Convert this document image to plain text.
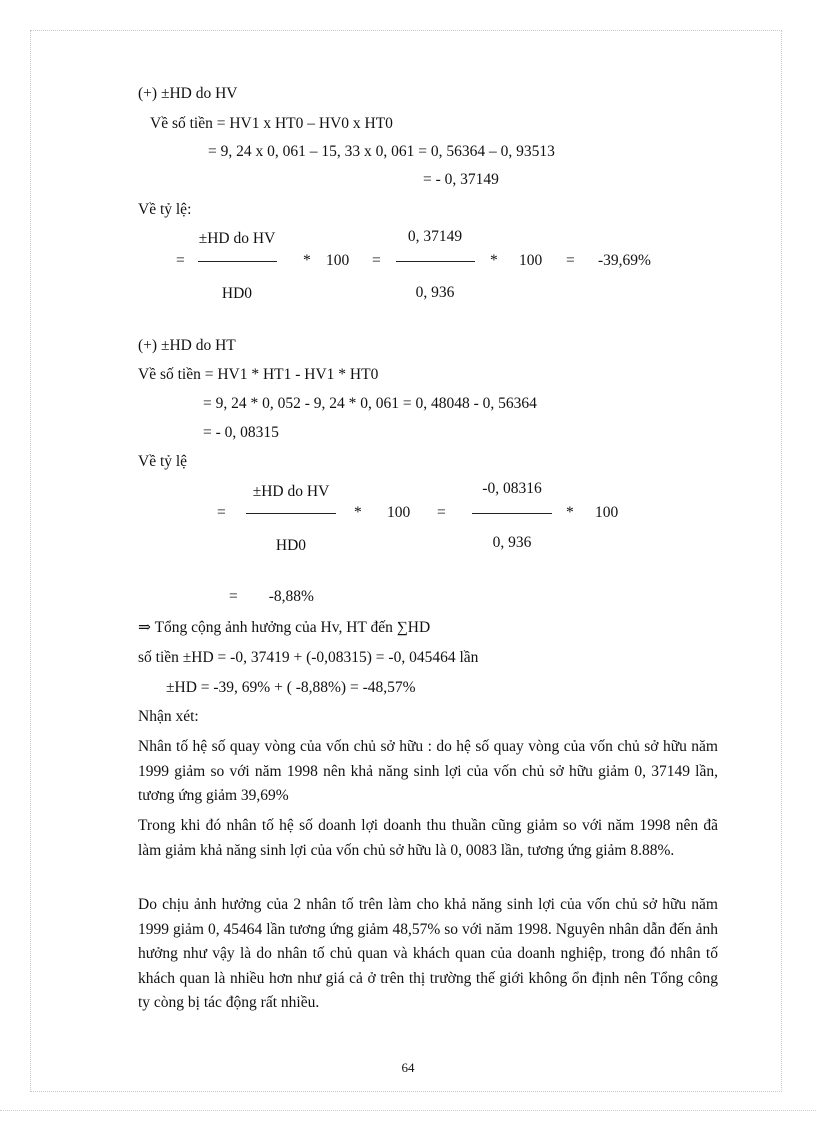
(+) ±HD do HV
Về số tiền = HV1 x HT0 – HV0 x HT0
= 9, 24 x 0, 061 – 15, 33 x 0, 061 = 0, 56364 – 0, 93513
= - 0, 37149
Về tỷ lệ:
=
±HD do HV
HD0
* 100 =
0, 37149
0, 936
* 100 = -39,69%
(+) ±HD do HT
Về số tiền = HV1 * HT1 - HV1 * HT0
= 9, 24 * 0, 052 - 9, 24 * 0, 061 = 0, 48048 - 0, 56364
= - 0, 08315
Về tỷ lệ
=
±HD do HV
HD0
* 100 =
-0, 08316
0, 936
* 100
=        -8,88%
⇒ Tổng cộng ảnh hưởng của Hv, HT đến ∑HD
số tiền ±HD = -0, 37419 + (-0,08315) = -0, 045464 lần
±HD = -39, 69% + ( -8,88%) = -48,57%
Nhận xét:
Nhân tố hệ số quay vòng của vốn chủ sở hữu : do hệ số quay vòng của vốn chủ sở hữu năm 1999 giảm so với năm 1998 nên khả năng sinh lợi của vốn chủ sở hữu giảm 0, 37149 lần, tương ứng giảm 39,69%
Trong khi đó nhân tố hệ số doanh lợi doanh thu thuần cũng giảm so với năm 1998 nên đã làm giảm khả năng sinh lợi của vốn chủ sở hữu là 0, 0083 lần, tương ứng giảm 8.88%.
Do chịu ảnh hưởng của 2 nhân tố trên làm cho khả năng sinh lợi của vốn chủ sở hữu năm 1999 giảm 0, 45464 lần tương ứng giảm 48,57% so với năm 1998. Nguyên nhân dẫn đến ảnh hưởng như vậy là do nhân tố chủ quan và khách quan của doanh nghiệp, trong đó nhân tố khách quan là nhiều hơn như giá cả ở trên thị trường thế giới không ổn định nên Tổng công ty còng bị tác động rất nhiều.
64
